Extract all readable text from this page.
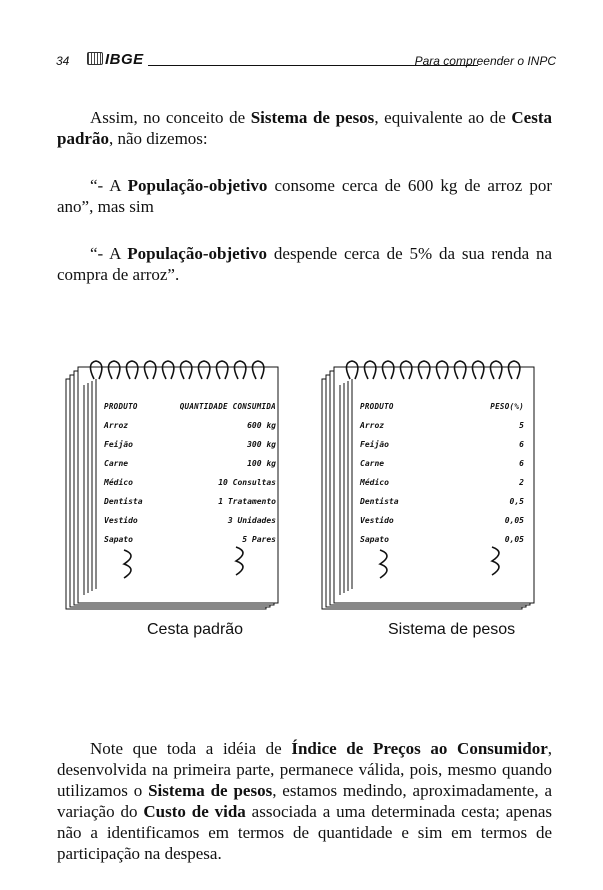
34	IBGE	Para compreender o INPC

Assim, no conceito de Sistema de pesos, equivalente ao de Cesta padrão, não dizemos:

“- A População-objetivo consome cerca de 600 kg de arroz por ano”, mas sim

“- A População-objetivo despende cerca de 5% da sua renda na compra de arroz”.

PRODUTO	QUANTIDADE CONSUMIDA
Arroz	600 kg
Feijão	300 kg
Carne	100 kg
Médico	10 Consultas
Dentista	1 Tratamento
Vestido	3 Unidades
Sapato	5 Pares
PRODUTO	PESO(%)
Arroz	5
Feijão	6
Carne	6
Médico	2
Dentista	0,5
Vestido	0,05
Sapato	0,05
Cesta padrão	Sistema de pesos

Note que toda a idéia de Índice de Preços ao Consumidor, desenvolvida na primeira parte, permanece válida, pois, mesmo quando utilizamos o Sistema de pesos, estamos medindo, aproximadamente, a variação do Custo de vida associada a uma determinada cesta; apenas não a identificamos em termos de quantidade e sim em termos de participação na despesa.
